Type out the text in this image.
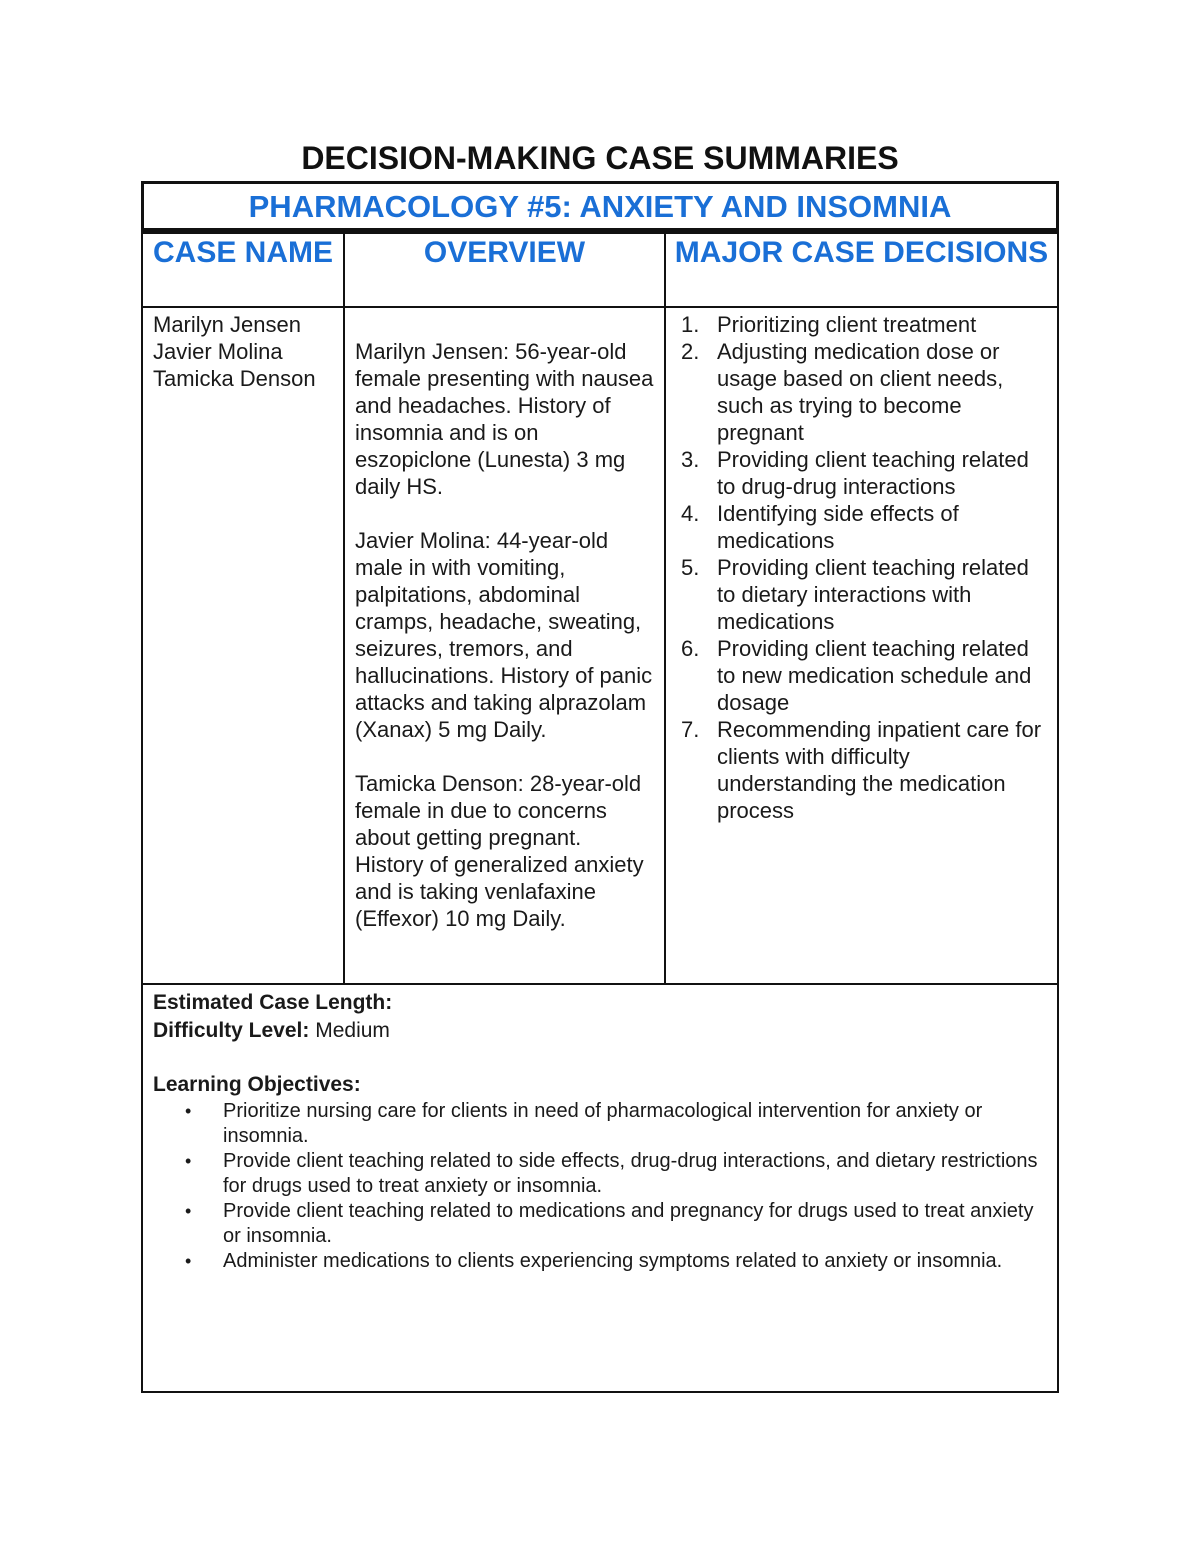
DECISION-MAKING CASE SUMMARIES
PHARMACOLOGY #5: ANXIETY AND INSOMNIA
CASE NAME	OVERVIEW	MAJOR CASE DECISIONS
Marilyn Jensen
Javier Molina
Tamicka Denson

Marilyn Jensen: 56-year-old female presenting with nausea and headaches. History of insomnia and is on eszopiclone (Lunesta) 3 mg daily HS.

Javier Molina: 44-year-old male in with vomiting, palpitations, abdominal cramps, headache, sweating, seizures, tremors, and hallucinations. History of panic attacks and taking alprazolam (Xanax) 5 mg Daily.

Tamicka Denson: 28-year-old female in due to concerns about getting pregnant. History of generalized anxiety and is taking venlafaxine (Effexor) 10 mg Daily.

1. Prioritizing client treatment
2. Adjusting medication dose or usage based on client needs, such as trying to become pregnant
3. Providing client teaching related to drug-drug interactions
4. Identifying side effects of medications
5. Providing client teaching related to dietary interactions with medications
6. Providing client teaching related to new medication schedule and dosage
7. Recommending inpatient care for clients with difficulty understanding the medication process
Estimated Case Length:
Difficulty Level: Medium
Learning Objectives:
• Prioritize nursing care for clients in need of pharmacological intervention for anxiety or insomnia.
• Provide client teaching related to side effects, drug-drug interactions, and dietary restrictions for drugs used to treat anxiety or insomnia.
• Provide client teaching related to medications and pregnancy for drugs used to treat anxiety or insomnia.
• Administer medications to clients experiencing symptoms related to anxiety or insomnia.
